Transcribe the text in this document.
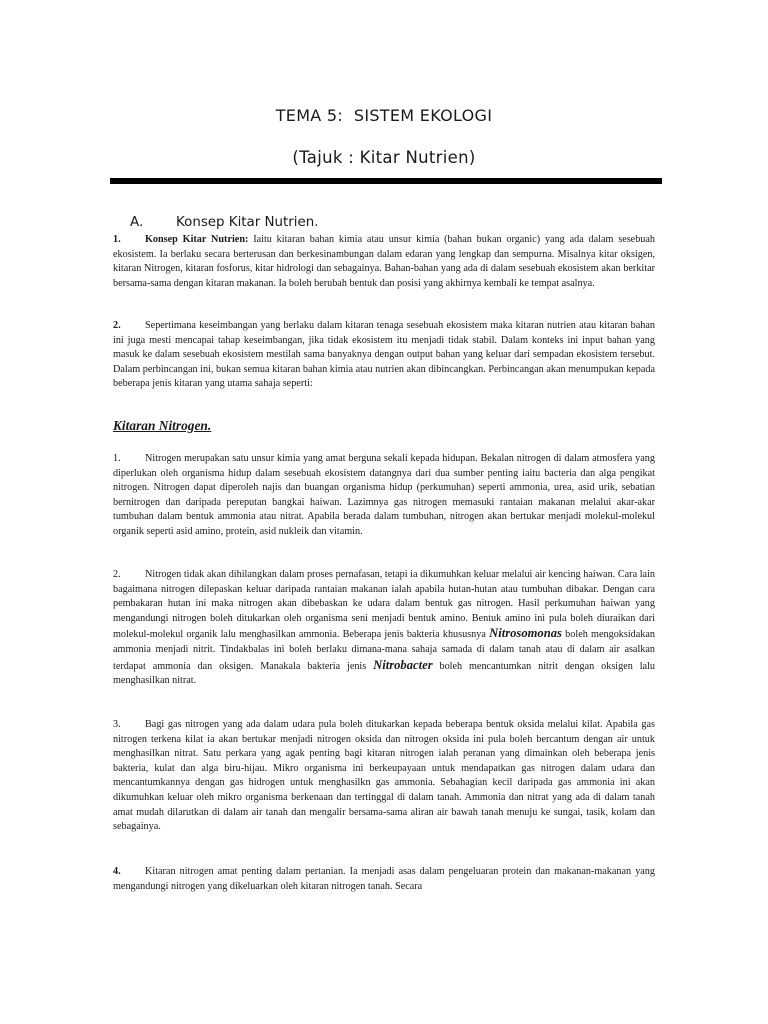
TEMA 5:  SISTEM EKOLOGI
(Tajuk : Kitar Nutrien)

A. Konsep Kitar Nutrien.

1. Konsep Kitar Nutrien: Iaitu kitaran bahan kimia atau unsur kimia (bahan bukan organic) yang ada dalam sesebuah ekosistem. Ia berlaku secara berterusan dan berkesinambungan dalam edaran yang lengkap dan sempurna. Misalnya kitar oksigen, kitaran Nitrogen, kitaran fosforus, kitar hidrologi dan sebagainya. Bahan-bahan yang ada di dalam sesebuah ekosistem akan berkitar bersama-sama dengan kitaran makanan. Ia boleh berubah bentuk dan posisi yang akhirnya kembali ke tempat asalnya.

2. Sepertimana keseimbangan yang berlaku dalam kitaran tenaga sesebuah ekosistem maka kitaran nutrien atau kitaran bahan ini juga mesti mencapai tahap keseimbangan, jika tidak ekosistem itu menjadi tidak stabil. Dalam konteks ini input bahan yang masuk ke dalam sesebuah ekosistem mestilah sama banyaknya dengan output bahan yang keluar dari sempadan ekosistem tersebut. Dalam perbincangan ini, bukan semua kitaran bahan kimia atau nutrien akan dibincangkan. Perbincangan akan menumpukan kepada beberapa jenis kitaran yang utama sahaja seperti:

Kitaran Nitrogen.

1. Nitrogen merupakan satu unsur kimia yang amat berguna sekali kepada hidupan. Bekalan nitrogen di dalam atmosfera yang diperlukan oleh organisma hidup dalam sesebuah ekosistem datangnya dari dua sumber penting iaitu bacteria dan alga pengikat nitrogen. Nitrogen dapat diperoleh najis dan buangan organisma hidup (perkumuhan) seperti ammonia, urea, asid urik, sebatian bernitrogen dan daripada pereputan bangkai haiwan. Lazimnya gas nitrogen memasuki rantaian makanan melalui akar-akar tumbuhan dalam bentuk ammonia atau nitrat. Apabila berada dalam tumbuhan, nitrogen akan bertukar menjadi molekul-molekul organik seperti asid amino, protein, asid nukleik dan vitamin.

2. Nitrogen tidak akan dihilangkan dalam proses pernafasan, tetapi ia dikumuhkan keluar melalui air kencing haiwan. Cara lain bagaimana nitrogen dilepaskan keluar daripada rantaian makanan ialah apabila hutan-hutan atau tumbuhan dibakar. Dengan cara pembakaran hutan ini maka nitrogen akan dibebaskan ke udara dalam bentuk gas nitrogen. Hasil perkumuhan haiwan yang mengandungi nitrogen boleh ditukarkan oleh organisma seni menjadi bentuk amino. Bentuk amino ini pula boleh diuraikan dari molekul-molekul organik lalu menghasilkan ammonia. Beberapa jenis bakteria khususnya Nitrosomonas boleh mengoksidakan ammonia menjadi nitrit. Tindakbalas ini boleh berlaku dimana-mana sahaja samada di dalam tanah atau di dalam air asalkan terdapat ammonia dan oksigen. Manakala bakteria jenis Nitrobacter boleh mencantumkan nitrit dengan oksigen lalu menghasilkan nitrat.

3. Bagi gas nitrogen yang ada dalam udara pula boleh ditukarkan kepada beberapa bentuk oksida melalui kilat. Apabila gas nitrogen terkena kilat ia akan bertukar menjadi nitrogen oksida dan nitrogen oksida ini pula boleh bercantum dengan air untuk menghasilkan nitrat. Satu perkara yang agak penting bagi kitaran nitrogen ialah peranan yang dimainkan oleh beberapa jenis bakteria, kulat dan alga biru-hijau. Mikro organisma ini berkeupayaan untuk mendapatkan gas nitrogen dalam udara dan mencantumkannya dengan gas hidrogen untuk menghasilkn gas ammonia. Sebahagian kecil daripada gas ammonia ini akan dikumuhkan keluar oleh mikro organisma berkenaan dan tertinggal di dalam tanah. Ammonia dan nitrat yang ada di dalam tanah amat mudah dilarutkan di dalam air tanah dan mengalir bersama-sama aliran air bawah tanah menuju ke sungai, tasik, kolam dan sebagainya.

4. Kitaran nitrogen amat penting dalam pertanian. Ia menjadi asas dalam pengeluaran protein dan makanan-makanan yang mengandungi nitrogen yang dikeluarkan oleh kitaran nitrogen tanah. Secara
